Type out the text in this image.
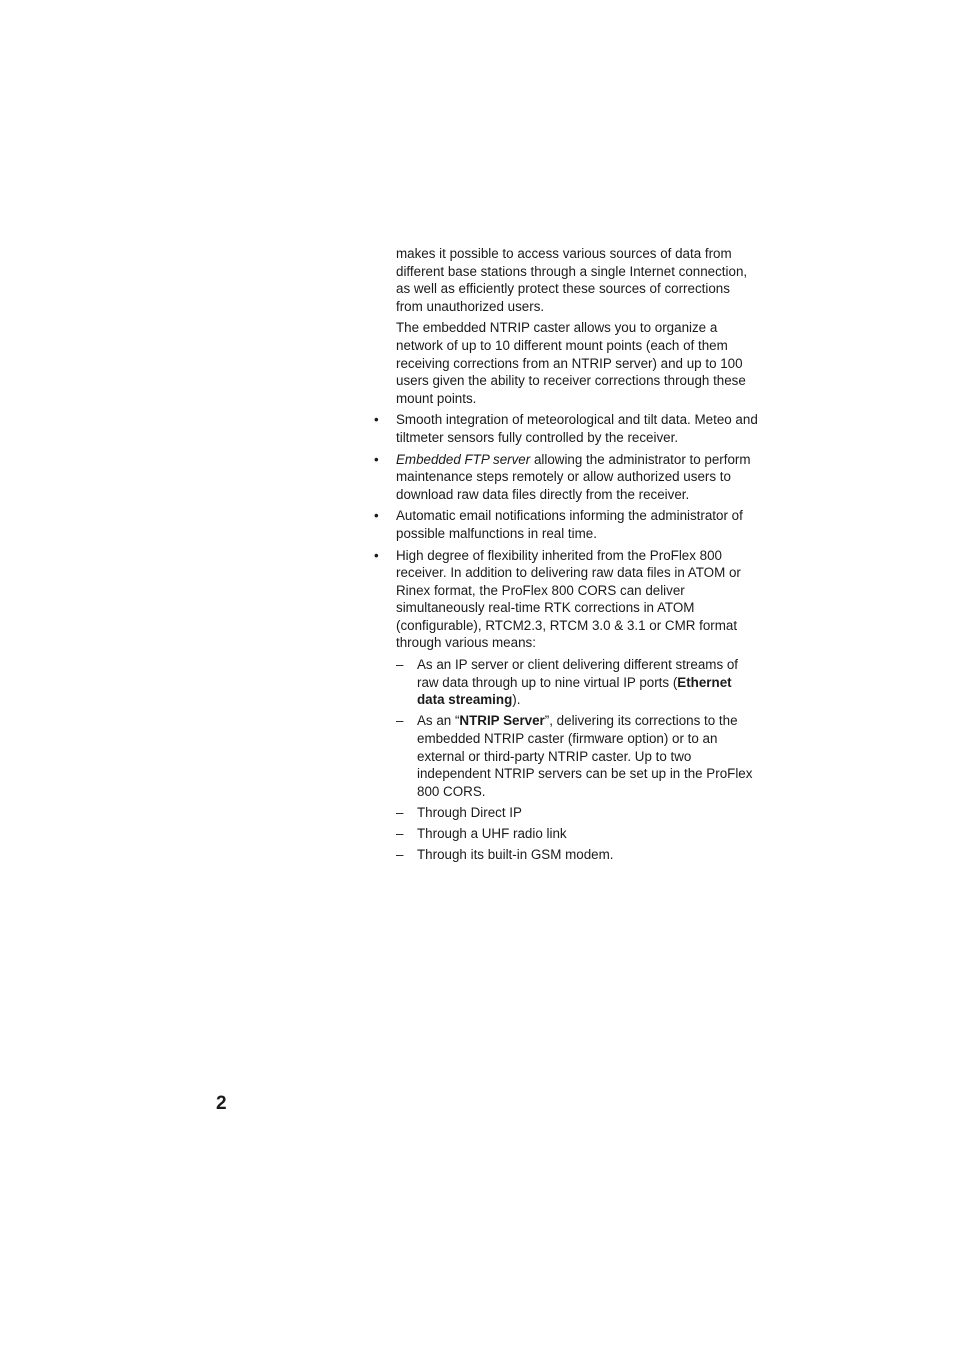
makes it possible to access various sources of data from different base stations through a single Internet connection, as well as efficiently protect these sources of corrections from unauthorized users.

The embedded NTRIP caster allows you to organize a network of up to 10 different mount points (each of them receiving corrections from an NTRIP server) and up to 100 users given the ability to receiver corrections through these mount points.

•	Smooth integration of meteorological and tilt data. Meteo and tiltmeter sensors fully controlled by the receiver.
•	Embedded FTP server allowing the administrator to perform maintenance steps remotely or allow authorized users to download raw data files directly from the receiver.
•	Automatic email notifications informing the administrator of possible malfunctions in real time.
•	High degree of flexibility inherited from the ProFlex 800 receiver. In addition to delivering raw data files in ATOM or Rinex format, the ProFlex 800 CORS can deliver simultaneously real-time RTK corrections in ATOM (configurable), RTCM2.3, RTCM 3.0 & 3.1 or CMR format through various means:
–	As an IP server or client delivering different streams of raw data through up to nine virtual IP ports (Ethernet data streaming).
–	As an “NTRIP Server”, delivering its corrections to the embedded NTRIP caster (firmware option) or to an external or third-party NTRIP caster. Up to two independent NTRIP servers can be set up in the ProFlex 800 CORS.
–	Through Direct IP
–	Through a UHF radio link
–	Through its built-in GSM modem.
2
